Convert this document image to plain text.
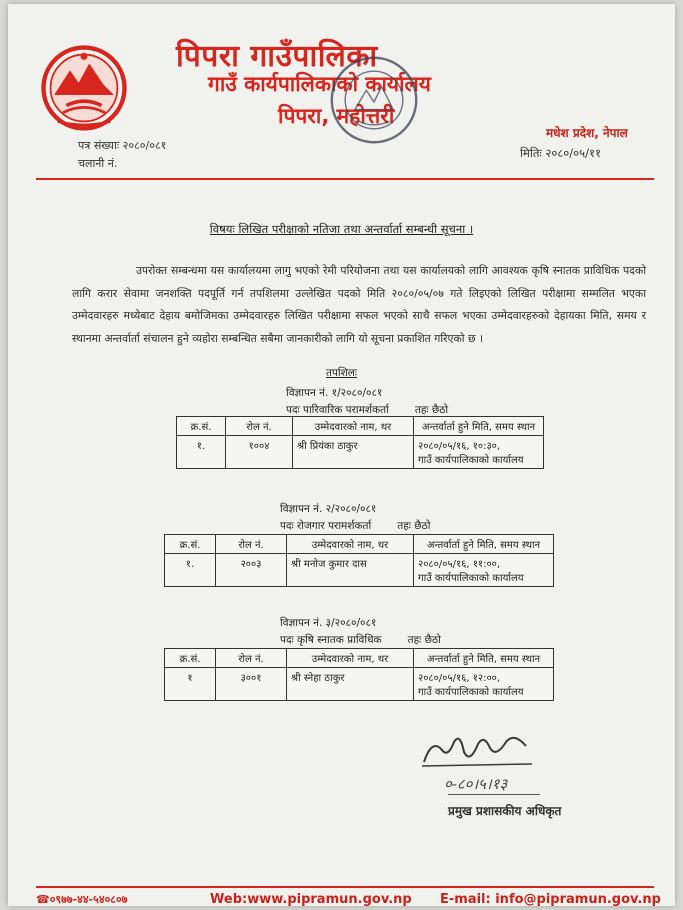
पिपरा गाउँपालिका
गाउँ कार्यपालिकाको कार्यालय
पिपरा, महोत्तरी
मधेश प्रदेश, नेपाल
पत्र संख्याः २०८०/०८१
चलानी नं.
मितिः २०८०/०५/११
विषयः लिखित परीक्षाको नतिजा तथा अन्तर्वार्ता सम्बन्धी सूचना ।
उपरोक्त सम्बन्धमा यस कार्यालयमा लागु भएको रेमी परियोजना तथा यस कार्यालयको लागि आवश्यक कृषि स्नातक प्राविधिक पदको लागि करार सेवामा जनशक्ति पदपूर्ति गर्न तपशिलमा उल्लेखित पदको मिति २०८०/०५/०७ गते लिइएको लिखित परीक्षामा सम्मलित भएका उम्मेदवारहरु मध्येबाट देहाय बमोजिमका उम्मेदवारहरु लिखित परीक्षामा सफल भएको साथै सफल भएका उम्मेदवारहरुको देहायका मिति, समय र स्थानमा अन्तर्वार्ता संचालन हुने व्यहोरा सम्बन्धित सबैमा जानकारीको लागि यो सूचना प्रकाशित गरिएको छ ।
तपशिलः
विज्ञापन नं. १/२०८०/०८१
पदः पारिवारिक परामर्शकर्ता तहः छैठो
क्र.सं.	रोल नं.	उम्मेदवारको नाम, थर	अन्तर्वार्ता हुने मिति, समय स्थान
१.	१००४	श्री प्रियंका ठाकुर	२०८०/०५/१६, १०:३०,
गाउँ कार्यपालिकाको कार्यालय
विज्ञापन नं. २/२०८०/०८१
पदः रोजगार परामर्शकर्ता तहः छैठो
क्र.सं.	रोल नं.	उम्मेदवारको नाम, थर	अन्तर्वार्ता हुने मिति, समय स्थान
१.	२००३	श्री मनोज कुमार दास	२०८०/०५/१६, ११:००,
गाउँ कार्यपालिकाको कार्यालय
विज्ञापन नं. ३/२०८०/०८१
पदः कृषि स्नातक प्राविधिक तहः छैठो
क्र.सं.	रोल नं.	उम्मेदवारको नाम, थर	अन्तर्वार्ता हुने मिति, समय स्थान
१	३००१	श्री स्नेहा ठाकुर	२०८०/०५/१६, १२:००,
गाउँ कार्यपालिकाको कार्यालय
०-८०।५।१३
प्रमुख प्रशासकीय अधिकृत
☎०९७७-४४-५४०८०७	Web:www.pipramun.gov.np E-mail: info@pipramun.gov.np
